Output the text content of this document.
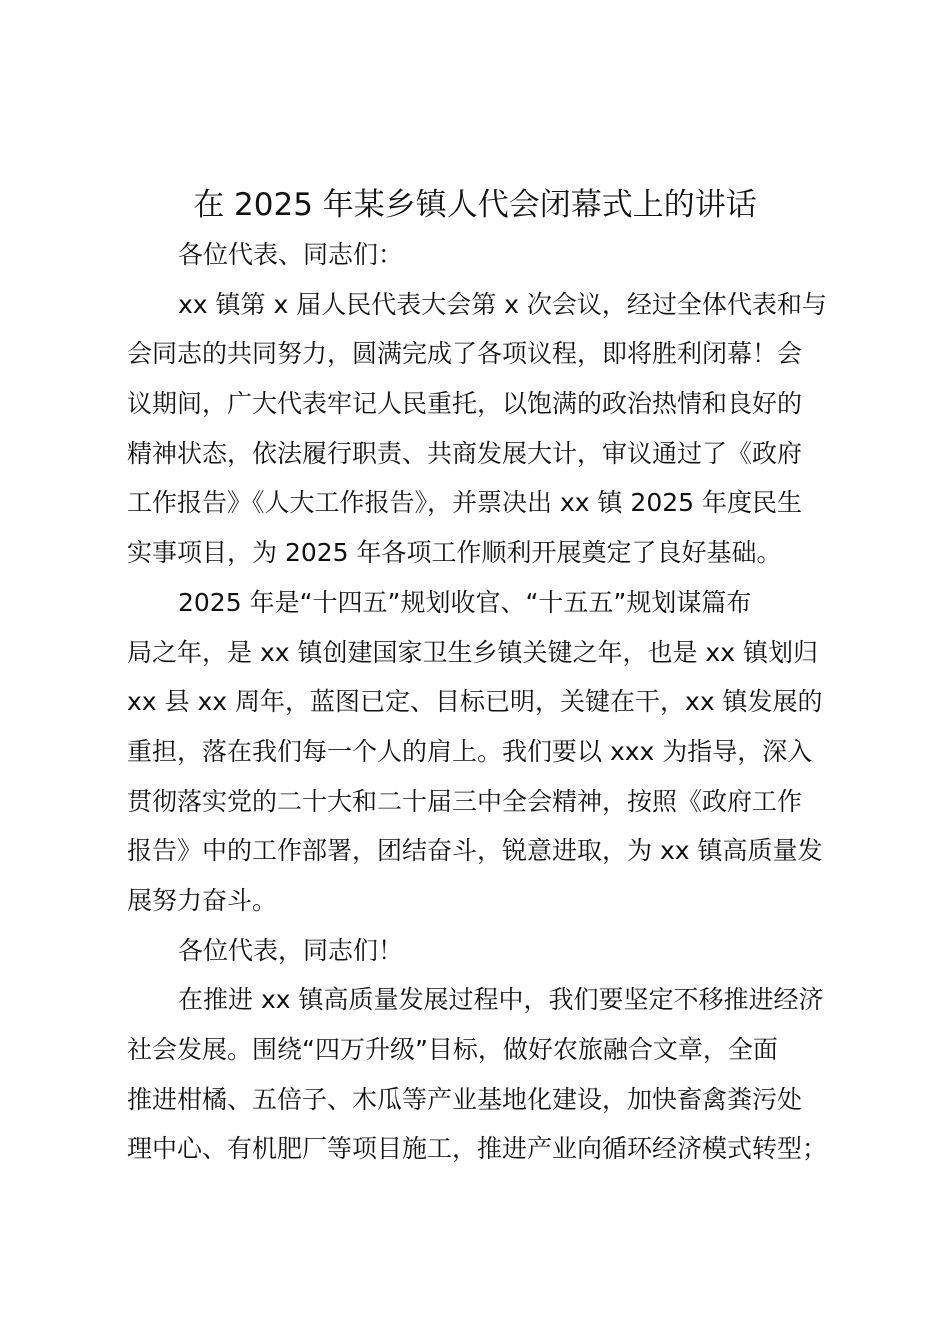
在 2025 年某乡镇人代会闭幕式上的讲话
各位代表、同志们：
xx 镇第 x 届人民代表大会第 x 次会议，经过全体代表和与
会同志的共同努力，圆满完成了各项议程，即将胜利闭幕！会
议期间，广大代表牢记人民重托，以饱满的政治热情和良好的
精神状态，依法履行职责、共商发展大计，审议通过了《政府
工作报告》《人大工作报告》，并票决出 xx 镇 2025 年度民生
实事项目，为 2025 年各项工作顺利开展奠定了良好基础。
2025 年是“十四五”规划收官、“十五五”规划谋篇布
局之年，是 xx 镇创建国家卫生乡镇关键之年，也是 xx 镇划归
xx 县 xx 周年，蓝图已定、目标已明，关键在干，xx 镇发展的
重担，落在我们每一个人的肩上。我们要以 xxx 为指导，深入
贯彻落实党的二十大和二十届三中全会精神，按照《政府工作
报告》中的工作部署，团结奋斗，锐意进取，为 xx 镇高质量发
展努力奋斗。
各位代表，同志们！
在推进 xx 镇高质量发展过程中，我们要坚定不移推进经济
社会发展。围绕“四万升级”目标，做好农旅融合文章，全面
推进柑橘、五倍子、木瓜等产业基地化建设，加快畜禽粪污处
理中心、有机肥厂等项目施工，推进产业向循环经济模式转型；
